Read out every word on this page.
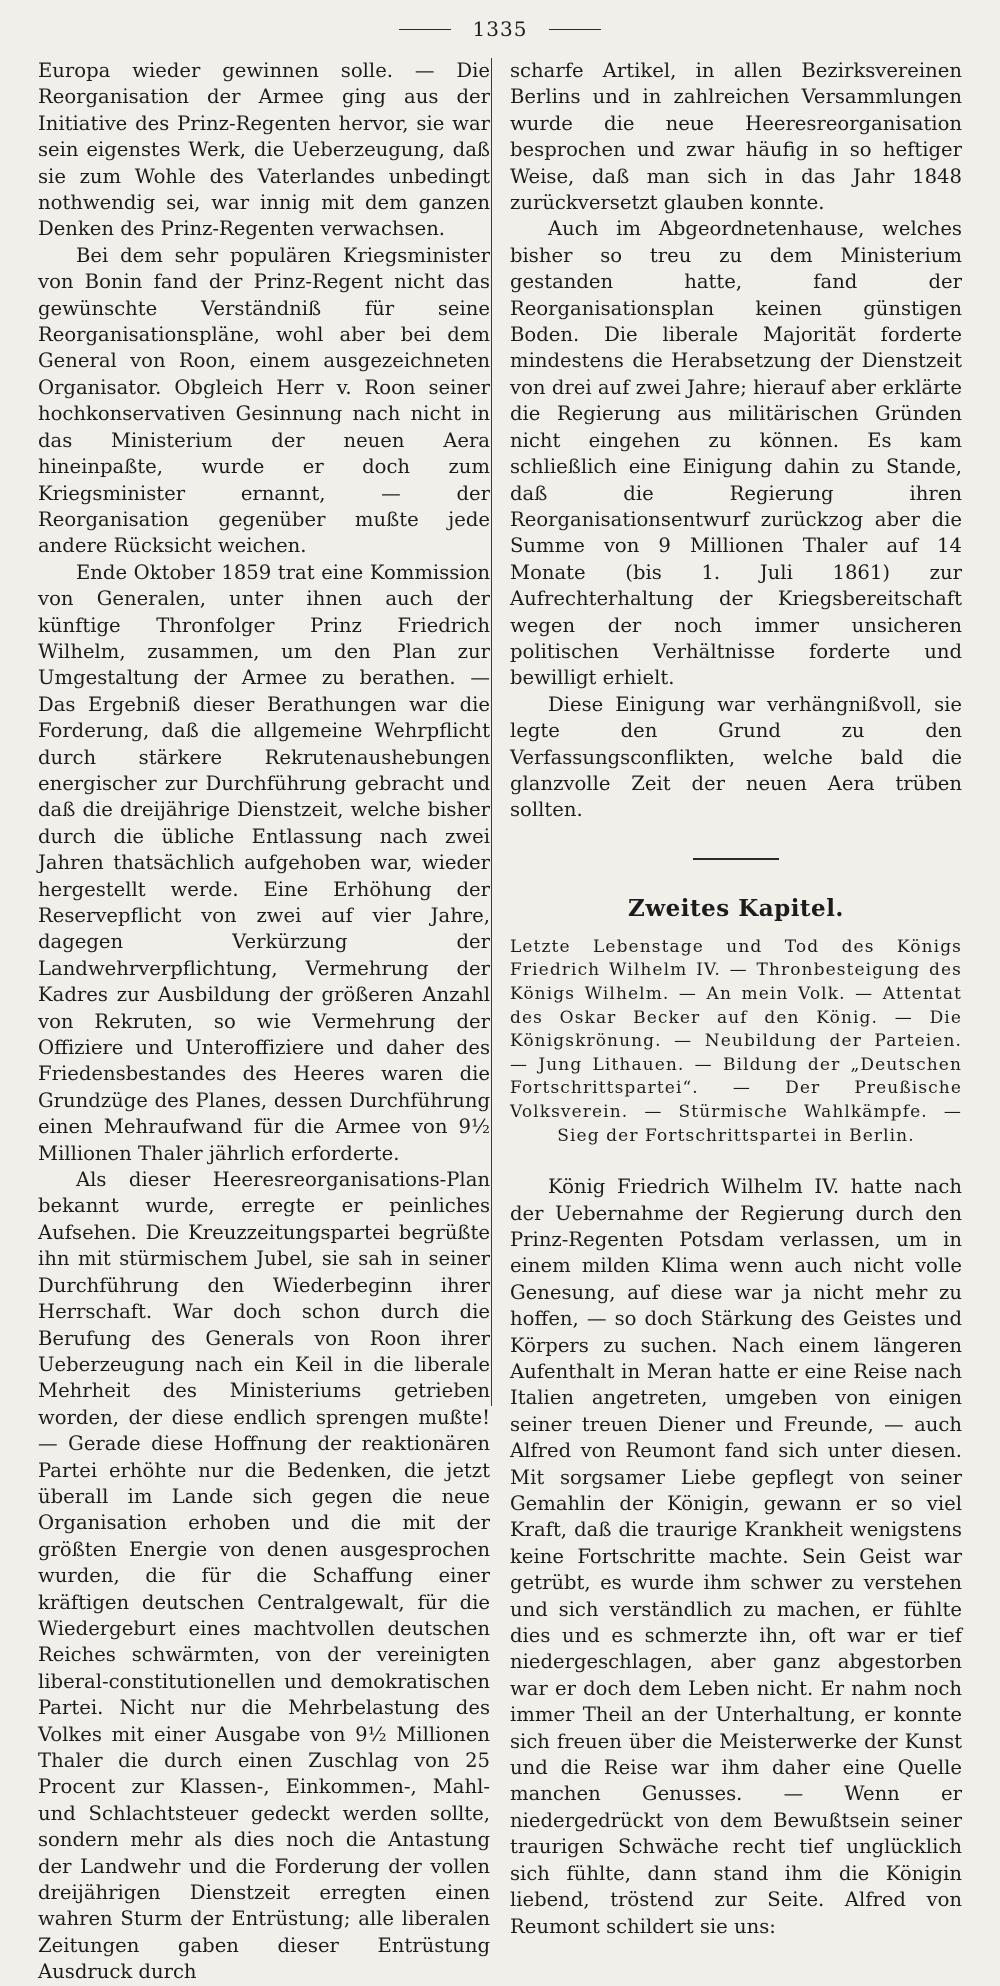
1335

Europa wieder gewinnen solle. — Die Reorganisation der Armee ging aus der Initiative des Prinz-Regenten hervor, sie war sein eigenstes Werk, die Ueberzeugung, daß sie zum Wohle des Vaterlandes unbedingt nothwendig sei, war innig mit dem ganzen Denken des Prinz-Regenten verwachsen.

Bei dem sehr populären Kriegsminister von Bonin fand der Prinz-Regent nicht das gewünschte Verständniß für seine Reorganisationspläne, wohl aber bei dem General von Roon, einem ausgezeichneten Organisator. Obgleich Herr v. Roon seiner hochkonservativen Gesinnung nach nicht in das Ministerium der neuen Aera hineinpaßte, wurde er doch zum Kriegsminister ernannt, — der Reorganisation gegenüber mußte jede andere Rücksicht weichen.

Ende Oktober 1859 trat eine Kommission von Generalen, unter ihnen auch der künftige Thronfolger Prinz Friedrich Wilhelm, zusammen, um den Plan zur Umgestaltung der Armee zu berathen. — Das Ergebniß dieser Berathungen war die Forderung, daß die allgemeine Wehrpflicht durch stärkere Rekrutenaushebungen energischer zur Durchführung gebracht und daß die dreijährige Dienstzeit, welche bisher durch die übliche Entlassung nach zwei Jahren thatsächlich aufgehoben war, wieder hergestellt werde. Eine Erhöhung der Reservepflicht von zwei auf vier Jahre, dagegen Verkürzung der Landwehrverpflichtung, Vermehrung der Kadres zur Ausbildung der größeren Anzahl von Rekruten, so wie Vermehrung der Offiziere und Unteroffiziere und daher des Friedensbestandes des Heeres waren die Grundzüge des Planes, dessen Durchführung einen Mehraufwand für die Armee von 9½ Millionen Thaler jährlich erforderte.

Als dieser Heeresreorganisations-Plan bekannt wurde, erregte er peinliches Aufsehen. Die Kreuzzeitungspartei begrüßte ihn mit stürmischem Jubel, sie sah in seiner Durchführung den Wiederbeginn ihrer Herrschaft. War doch schon durch die Berufung des Generals von Roon ihrer Ueberzeugung nach ein Keil in die liberale Mehrheit des Ministeriums getrieben worden, der diese endlich sprengen mußte! — Gerade diese Hoffnung der reaktionären Partei erhöhte nur die Bedenken, die jetzt überall im Lande sich gegen die neue Organisation erhoben und die mit der größten Energie von denen ausgesprochen wurden, die für die Schaffung einer kräftigen deutschen Centralgewalt, für die Wiedergeburt eines machtvollen deutschen Reiches schwärmten, von der vereinigten liberal-constitutionellen und demokratischen Partei. Nicht nur die Mehrbelastung des Volkes mit einer Ausgabe von 9½ Millionen Thaler die durch einen Zuschlag von 25 Procent zur Klassen-, Einkommen-, Mahl- und Schlachtsteuer gedeckt werden sollte, sondern mehr als dies noch die Antastung der Landwehr und die Forderung der vollen dreijährigen Dienstzeit erregten einen wahren Sturm der Entrüstung; alle liberalen Zeitungen gaben dieser Entrüstung Ausdruck durch

scharfe Artikel, in allen Bezirksvereinen Berlins und in zahlreichen Versammlungen wurde die neue Heeresreorganisation besprochen und zwar häufig in so heftiger Weise, daß man sich in das Jahr 1848 zurückversetzt glauben konnte.

Auch im Abgeordnetenhause, welches bisher so treu zu dem Ministerium gestanden hatte, fand der Reorganisationsplan keinen günstigen Boden. Die liberale Majorität forderte mindestens die Herabsetzung der Dienstzeit von drei auf zwei Jahre; hierauf aber erklärte die Regierung aus militärischen Gründen nicht eingehen zu können. Es kam schließlich eine Einigung dahin zu Stande, daß die Regierung ihren Reorganisationsentwurf zurückzog aber die Summe von 9 Millionen Thaler auf 14 Monate (bis 1. Juli 1861) zur Aufrechterhaltung der Kriegsbereitschaft wegen der noch immer unsicheren politischen Verhältnisse forderte und bewilligt erhielt.

Diese Einigung war verhängnißvoll, sie legte den Grund zu den Verfassungsconflikten, welche bald die glanzvolle Zeit der neuen Aera trüben sollten.

Zweites Kapitel.

Letzte Lebenstage und Tod des Königs Friedrich Wilhelm IV. — Thronbesteigung des Königs Wilhelm. — An mein Volk. — Attentat des Oskar Becker auf den König. — Die Königskrönung. — Neubildung der Parteien. — Jung Lithauen. — Bildung der „Deutschen Fortschrittspartei“. — Der Preußische Volksverein. — Stürmische Wahlkämpfe. — Sieg der Fortschrittspartei in Berlin.

König Friedrich Wilhelm IV. hatte nach der Uebernahme der Regierung durch den Prinz-Regenten Potsdam verlassen, um in einem milden Klima wenn auch nicht volle Genesung, auf diese war ja nicht mehr zu hoffen, — so doch Stärkung des Geistes und Körpers zu suchen. Nach einem längeren Aufenthalt in Meran hatte er eine Reise nach Italien angetreten, umgeben von einigen seiner treuen Diener und Freunde, — auch Alfred von Reumont fand sich unter diesen. Mit sorgsamer Liebe gepflegt von seiner Gemahlin der Königin, gewann er so viel Kraft, daß die traurige Krankheit wenigstens keine Fortschritte machte. Sein Geist war getrübt, es wurde ihm schwer zu verstehen und sich verständlich zu machen, er fühlte dies und es schmerzte ihn, oft war er tief niedergeschlagen, aber ganz abgestorben war er doch dem Leben nicht. Er nahm noch immer Theil an der Unterhaltung, er konnte sich freuen über die Meisterwerke der Kunst und die Reise war ihm daher eine Quelle manchen Genusses. — Wenn er niedergedrückt von dem Bewußtsein seiner traurigen Schwäche recht tief unglücklich sich fühlte, dann stand ihm die Königin liebend, tröstend zur Seite. Alfred von Reumont schildert sie uns:
